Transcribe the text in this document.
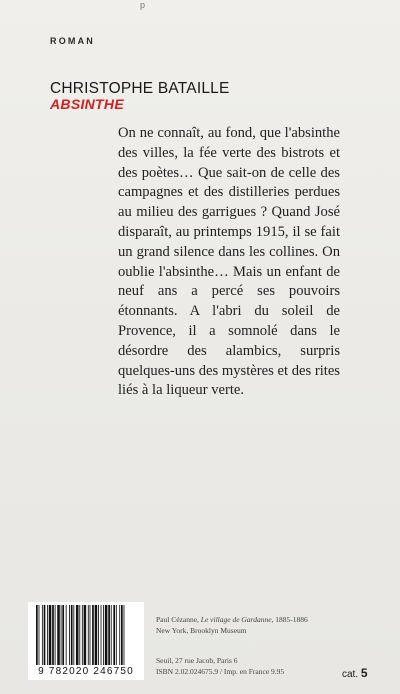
p
ROMAN
CHRISTOPHE BATAILLE
ABSINTHE

On ne connaît, au fond, que l'absinthe des villes, la fée verte des bistrots et des poètes… Que sait-on de celle des campagnes et des distilleries perdues au milieu des garrigues ? Quand José disparaît, au printemps 1915, il se fait un grand silence dans les collines. On oublie l'absinthe… Mais un enfant de neuf ans a percé ses pouvoirs étonnants. A l'abri du soleil de Provence, il a somnolé dans le désordre des alambics, surpris quelques-uns des mystères et des rites liés à la liqueur verte.

9 782020 246750
Paul Cézanne, Le village de Gardanne, 1885-1886
New York, Brooklyn Museum
Seuil, 27 rue Jacob, Paris 6
ISBN 2.02.024675.9 / Imp. en France 9.95	cat. 5
